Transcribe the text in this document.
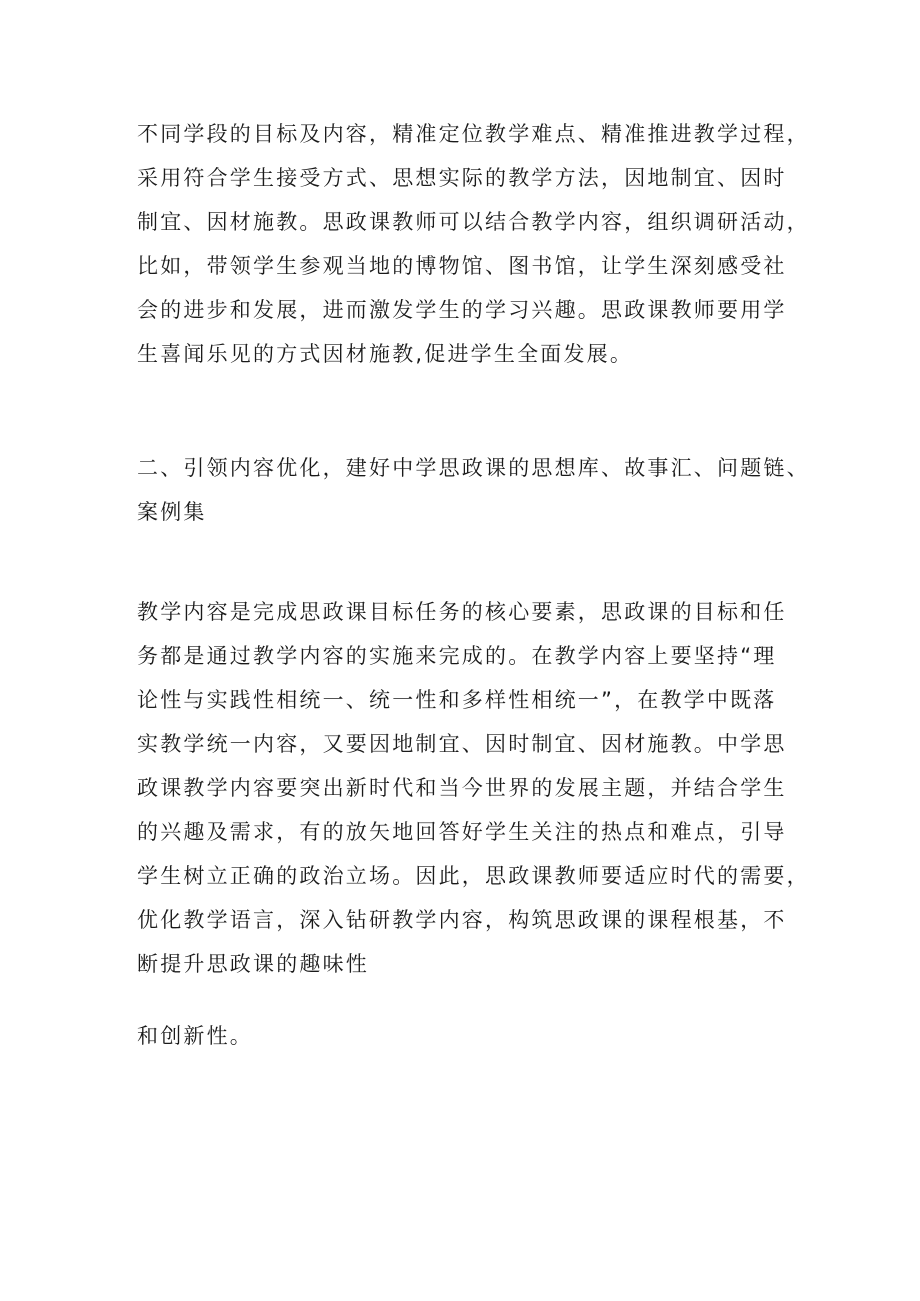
不同学段的目标及内容，精准定位教学难点、精准推进教学过程，
采用符合学生接受方式、思想实际的教学方法，因地制宜、因时
制宜、因材施教。思政课教师可以结合教学内容，组织调研活动，
比如，带领学生参观当地的博物馆、图书馆，让学生深刻感受社
会的进步和发展，进而激发学生的学习兴趣。思政课教师要用学
生喜闻乐见的方式因材施教,促进学生全面发展。

二、引领内容优化，建好中学思政课的思想库、故事汇、问题链、
案例集

教学内容是完成思政课目标任务的核心要素，思政课的目标和任
务都是通过教学内容的实施来完成的。在教学内容上要坚持“理
论性与实践性相统一、统一性和多样性相统一”，在教学中既落
实教学统一内容，又要因地制宜、因时制宜、因材施教。中学思
政课教学内容要突出新时代和当今世界的发展主题，并结合学生
的兴趣及需求，有的放矢地回答好学生关注的热点和难点，引导
学生树立正确的政治立场。因此，思政课教师要适应时代的需要，
优化教学语言，深入钻研教学内容，构筑思政课的课程根基，不
断提升思政课的趣味性

和创新性。
